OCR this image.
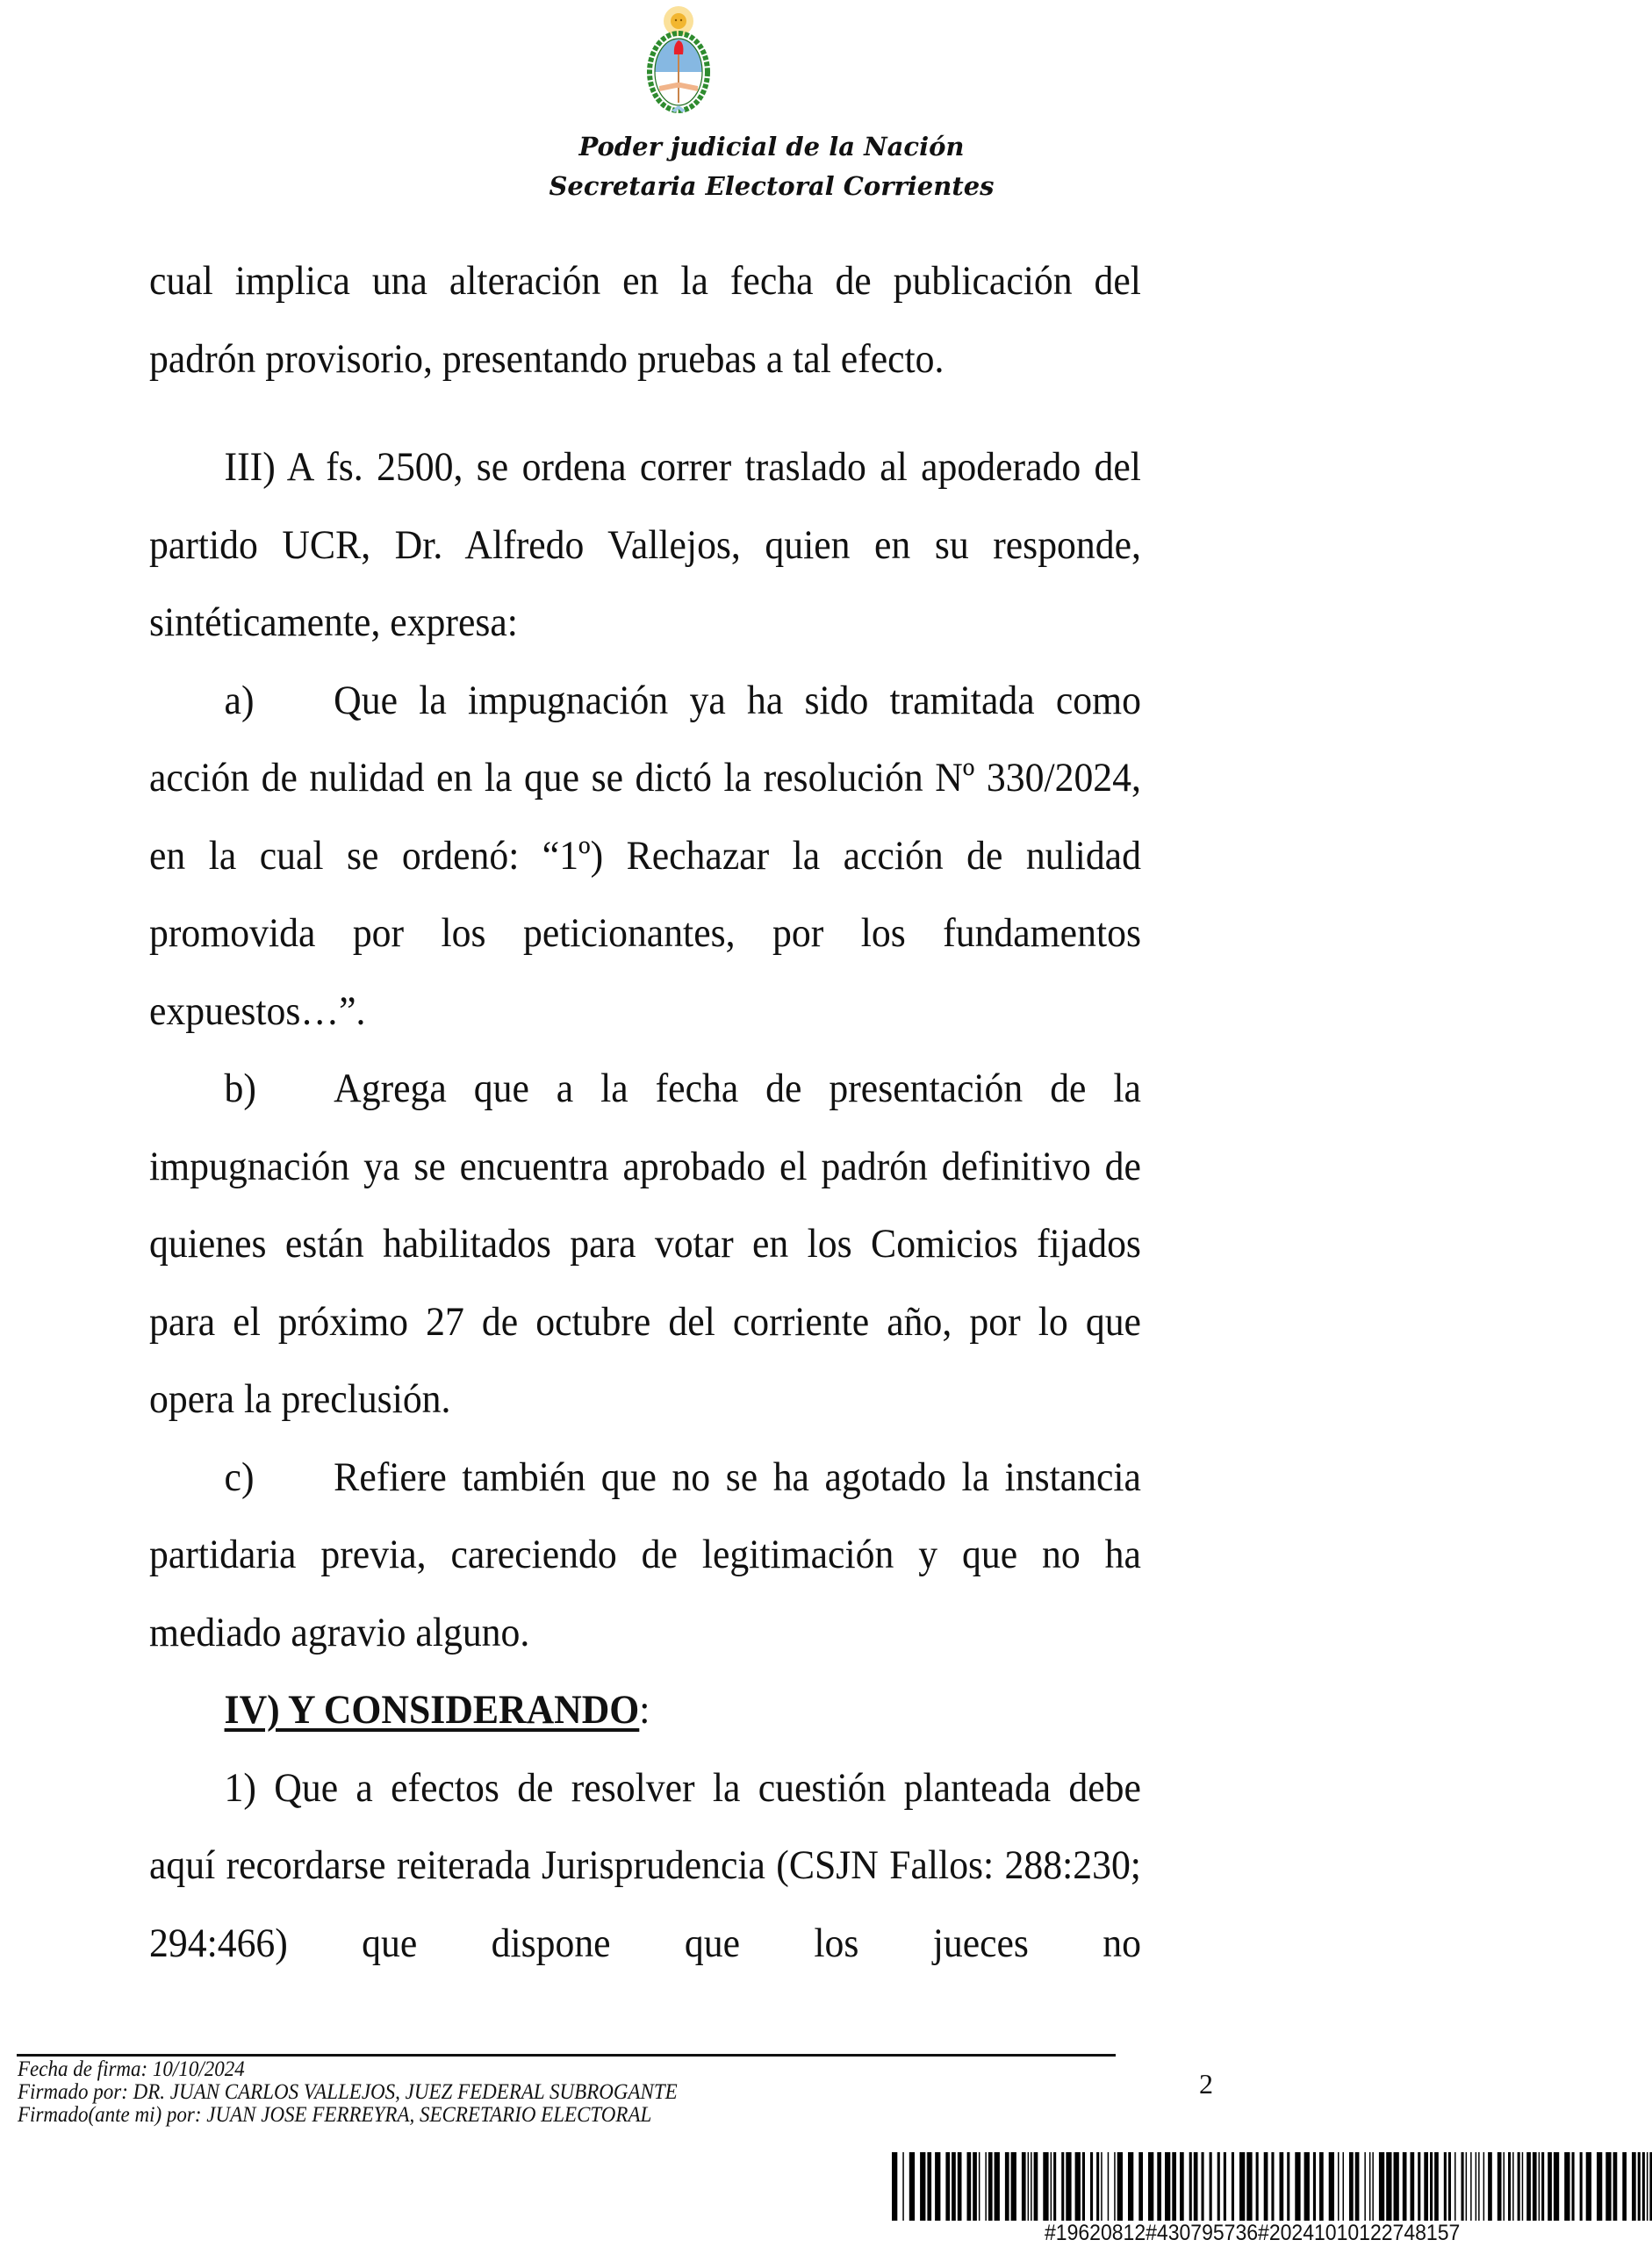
Poder judicial de la Nación
Secretaria Electoral Corrientes

cual implica una alteración en la fecha de publicación del

padrón provisorio, presentando pruebas a tal efecto.

III) A fs. 2500, se ordena correr traslado al apoderado del partido UCR, Dr. Alfredo Vallejos, quien en su responde, sintéticamente, expresa:

a) Que la impugnación ya ha sido tramitada como acción de nulidad en la que se dictó la resolución Nº 330/2024, en la cual se ordenó: “1º) Rechazar la acción de nulidad promovida por los peticionantes, por los fundamentos expuestos…”.

b) Agrega que a la fecha de presentación de la impugnación ya se encuentra aprobado el padrón definitivo de quienes están habilitados para votar en los Comicios fijados para el próximo 27 de octubre del corriente año, por lo que opera la preclusión.

c) Refiere también que no se ha agotado la instancia partidaria previa, careciendo de legitimación y que no ha mediado agravio alguno.

IV) Y CONSIDERANDO:

1) Que a efectos de resolver la cuestión planteada debe aquí recordarse reiterada Jurisprudencia (CSJN Fallos: 288:230; 294:466) que dispone que los jueces no

Fecha de firma: 10/10/2024
Firmado por: DR. JUAN CARLOS VALLEJOS, JUEZ FEDERAL SUBROGANTE
Firmado(ante mi) por: JUAN JOSE FERREYRA, SECRETARIO ELECTORAL
2
#19620812#430795736#20241010122748157
